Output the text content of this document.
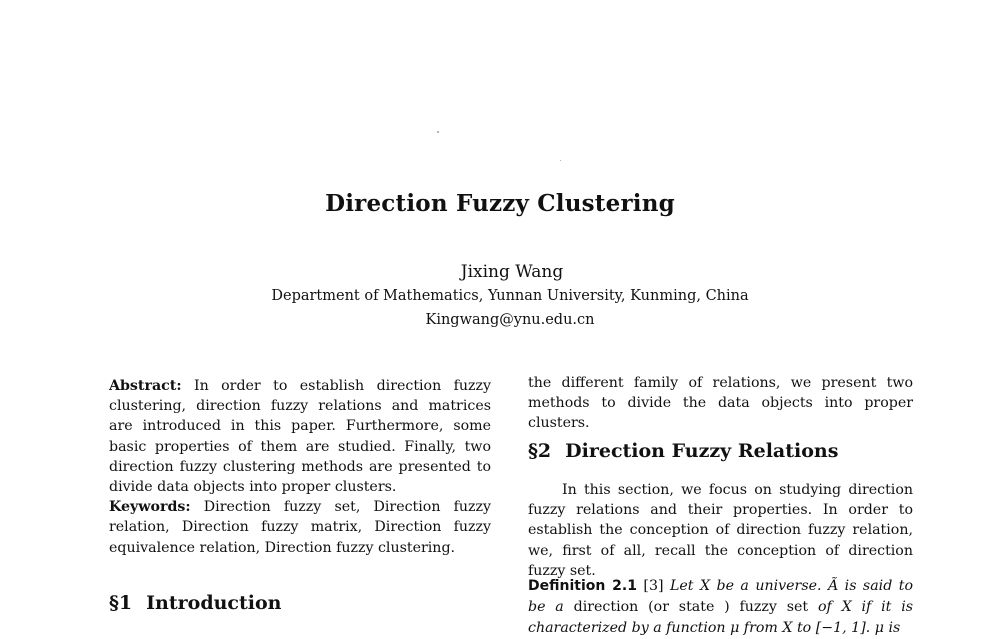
Direction Fuzzy Clustering
Jixing Wang
Department of Mathematics, Yunnan University, Kunming, China
Kingwang@ynu.edu.cn
Abstract: In order to establish direction fuzzy clustering, direction fuzzy relations and matrices are introduced in this paper. Furthermore, some basic properties of them are studied. Finally, two direction fuzzy clustering methods are presented to divide data objects into proper clusters.
Keywords: Direction fuzzy set, Direction fuzzy relation, Direction fuzzy matrix, Direction fuzzy equivalence relation, Direction fuzzy clustering.
§1 Introduction
the different family of relations, we present two methods to divide the data objects into proper clusters.
§2 Direction Fuzzy Relations
In this section, we focus on studying direction fuzzy relations and their properties. In order to establish the conception of direction fuzzy relation, we, first of all, recall the conception of direction fuzzy set.
Definition 2.1 [3] Let X be a universe. Ã is said to be a direction (or state ) fuzzy set of X if it is characterized by a function μ from X to [−1, 1]. μ is
